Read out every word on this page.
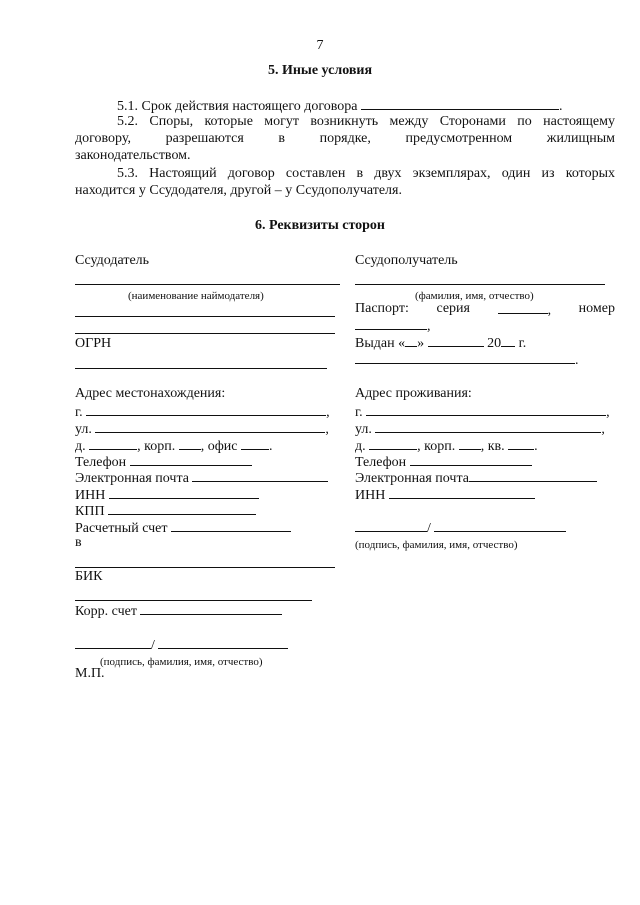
7
5. Иные условия
5.1. Срок действия настоящего договора	.
5.2. Споры, которые могут возникнуть между Сторонами по настоящему
договору, разрешаются в порядке, предусмотренном жилищным
законодательством.
5.3. Настоящий договор составлен в двух экземплярах, один из которых
находится у Ссудодателя, другой – у Ссудополучателя.
6. Реквизиты сторон
Ссудодатель
(наименование наймодателя)
ОГРН
Адрес местонахождения:
г.	,
ул.	,
д.	, корп. , офис .
Телефон
Электронная почта
ИНН
КПП
Расчетный счет
в
БИК
Корр. счет
/
(подпись, фамилия, имя, отчество)
М.П.
Ссудополучатель
(фамилия, имя, отчество)
Паспорт: серия	, номер
,
Выдан « »	20 г.
.
Адрес проживания:
г.	,
ул.	,
д.	, корп. , кв. .
Телефон
Электронная почта
ИНН
/
(подпись, фамилия, имя, отчество)
